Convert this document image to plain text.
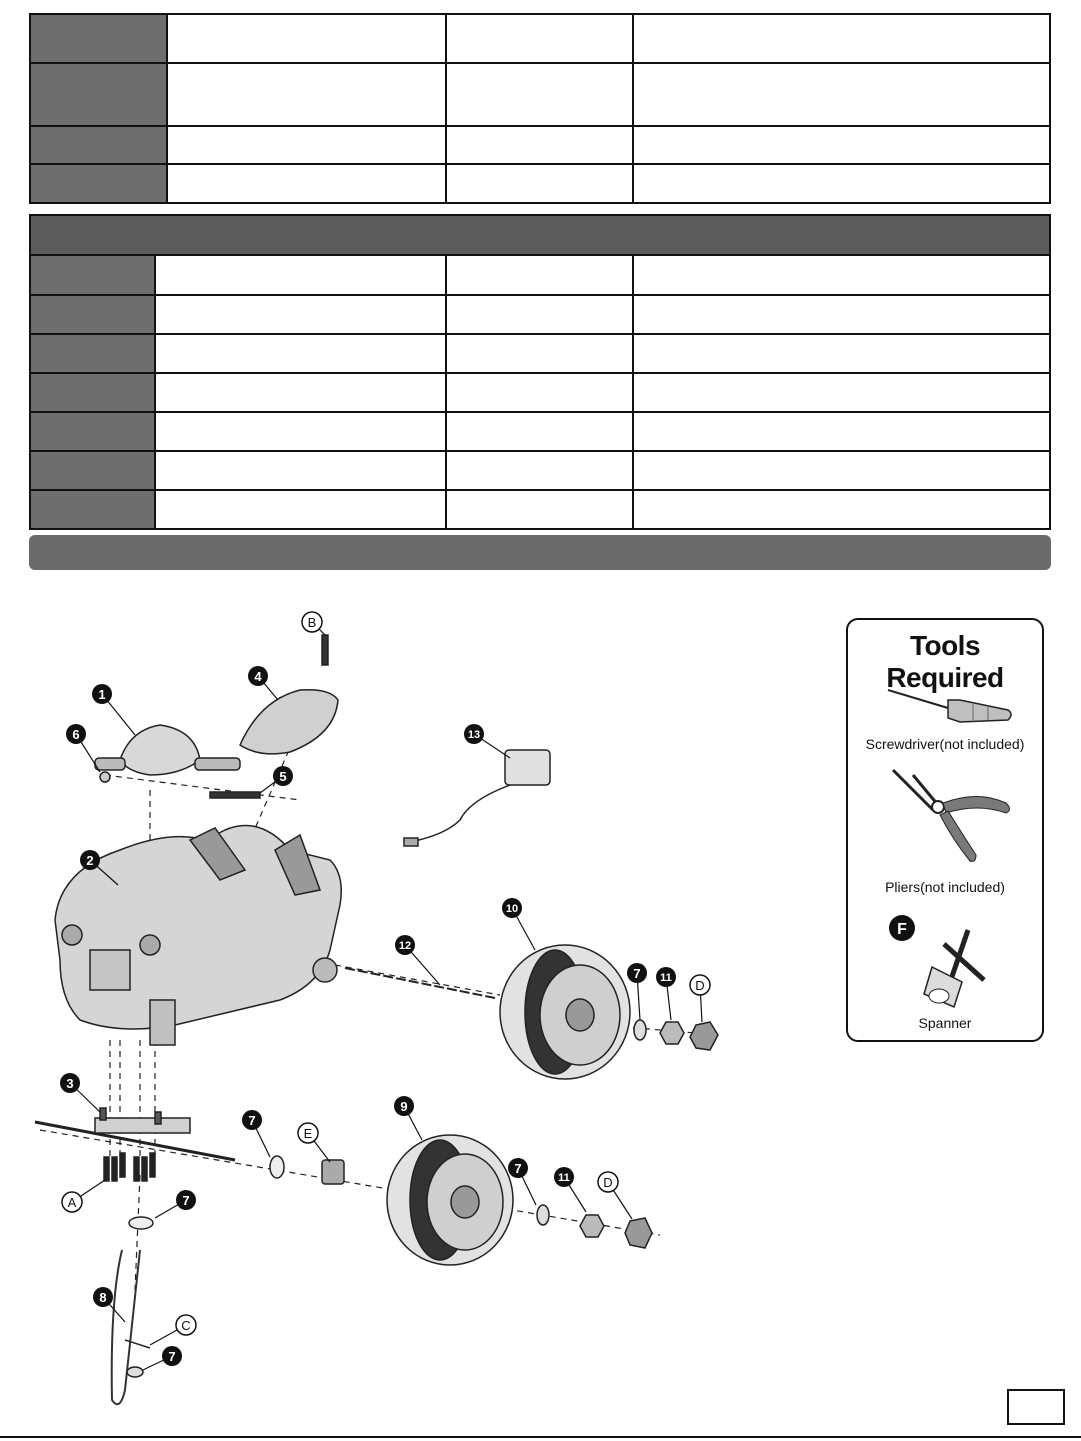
1
2
3
4
5
6
7
7
7
7
7
8
9
10
11
11
12
13
A
B
C
D
D
E
Tools Required
Screwdriver(not included)
Pliers(not included)
F
Spanner
